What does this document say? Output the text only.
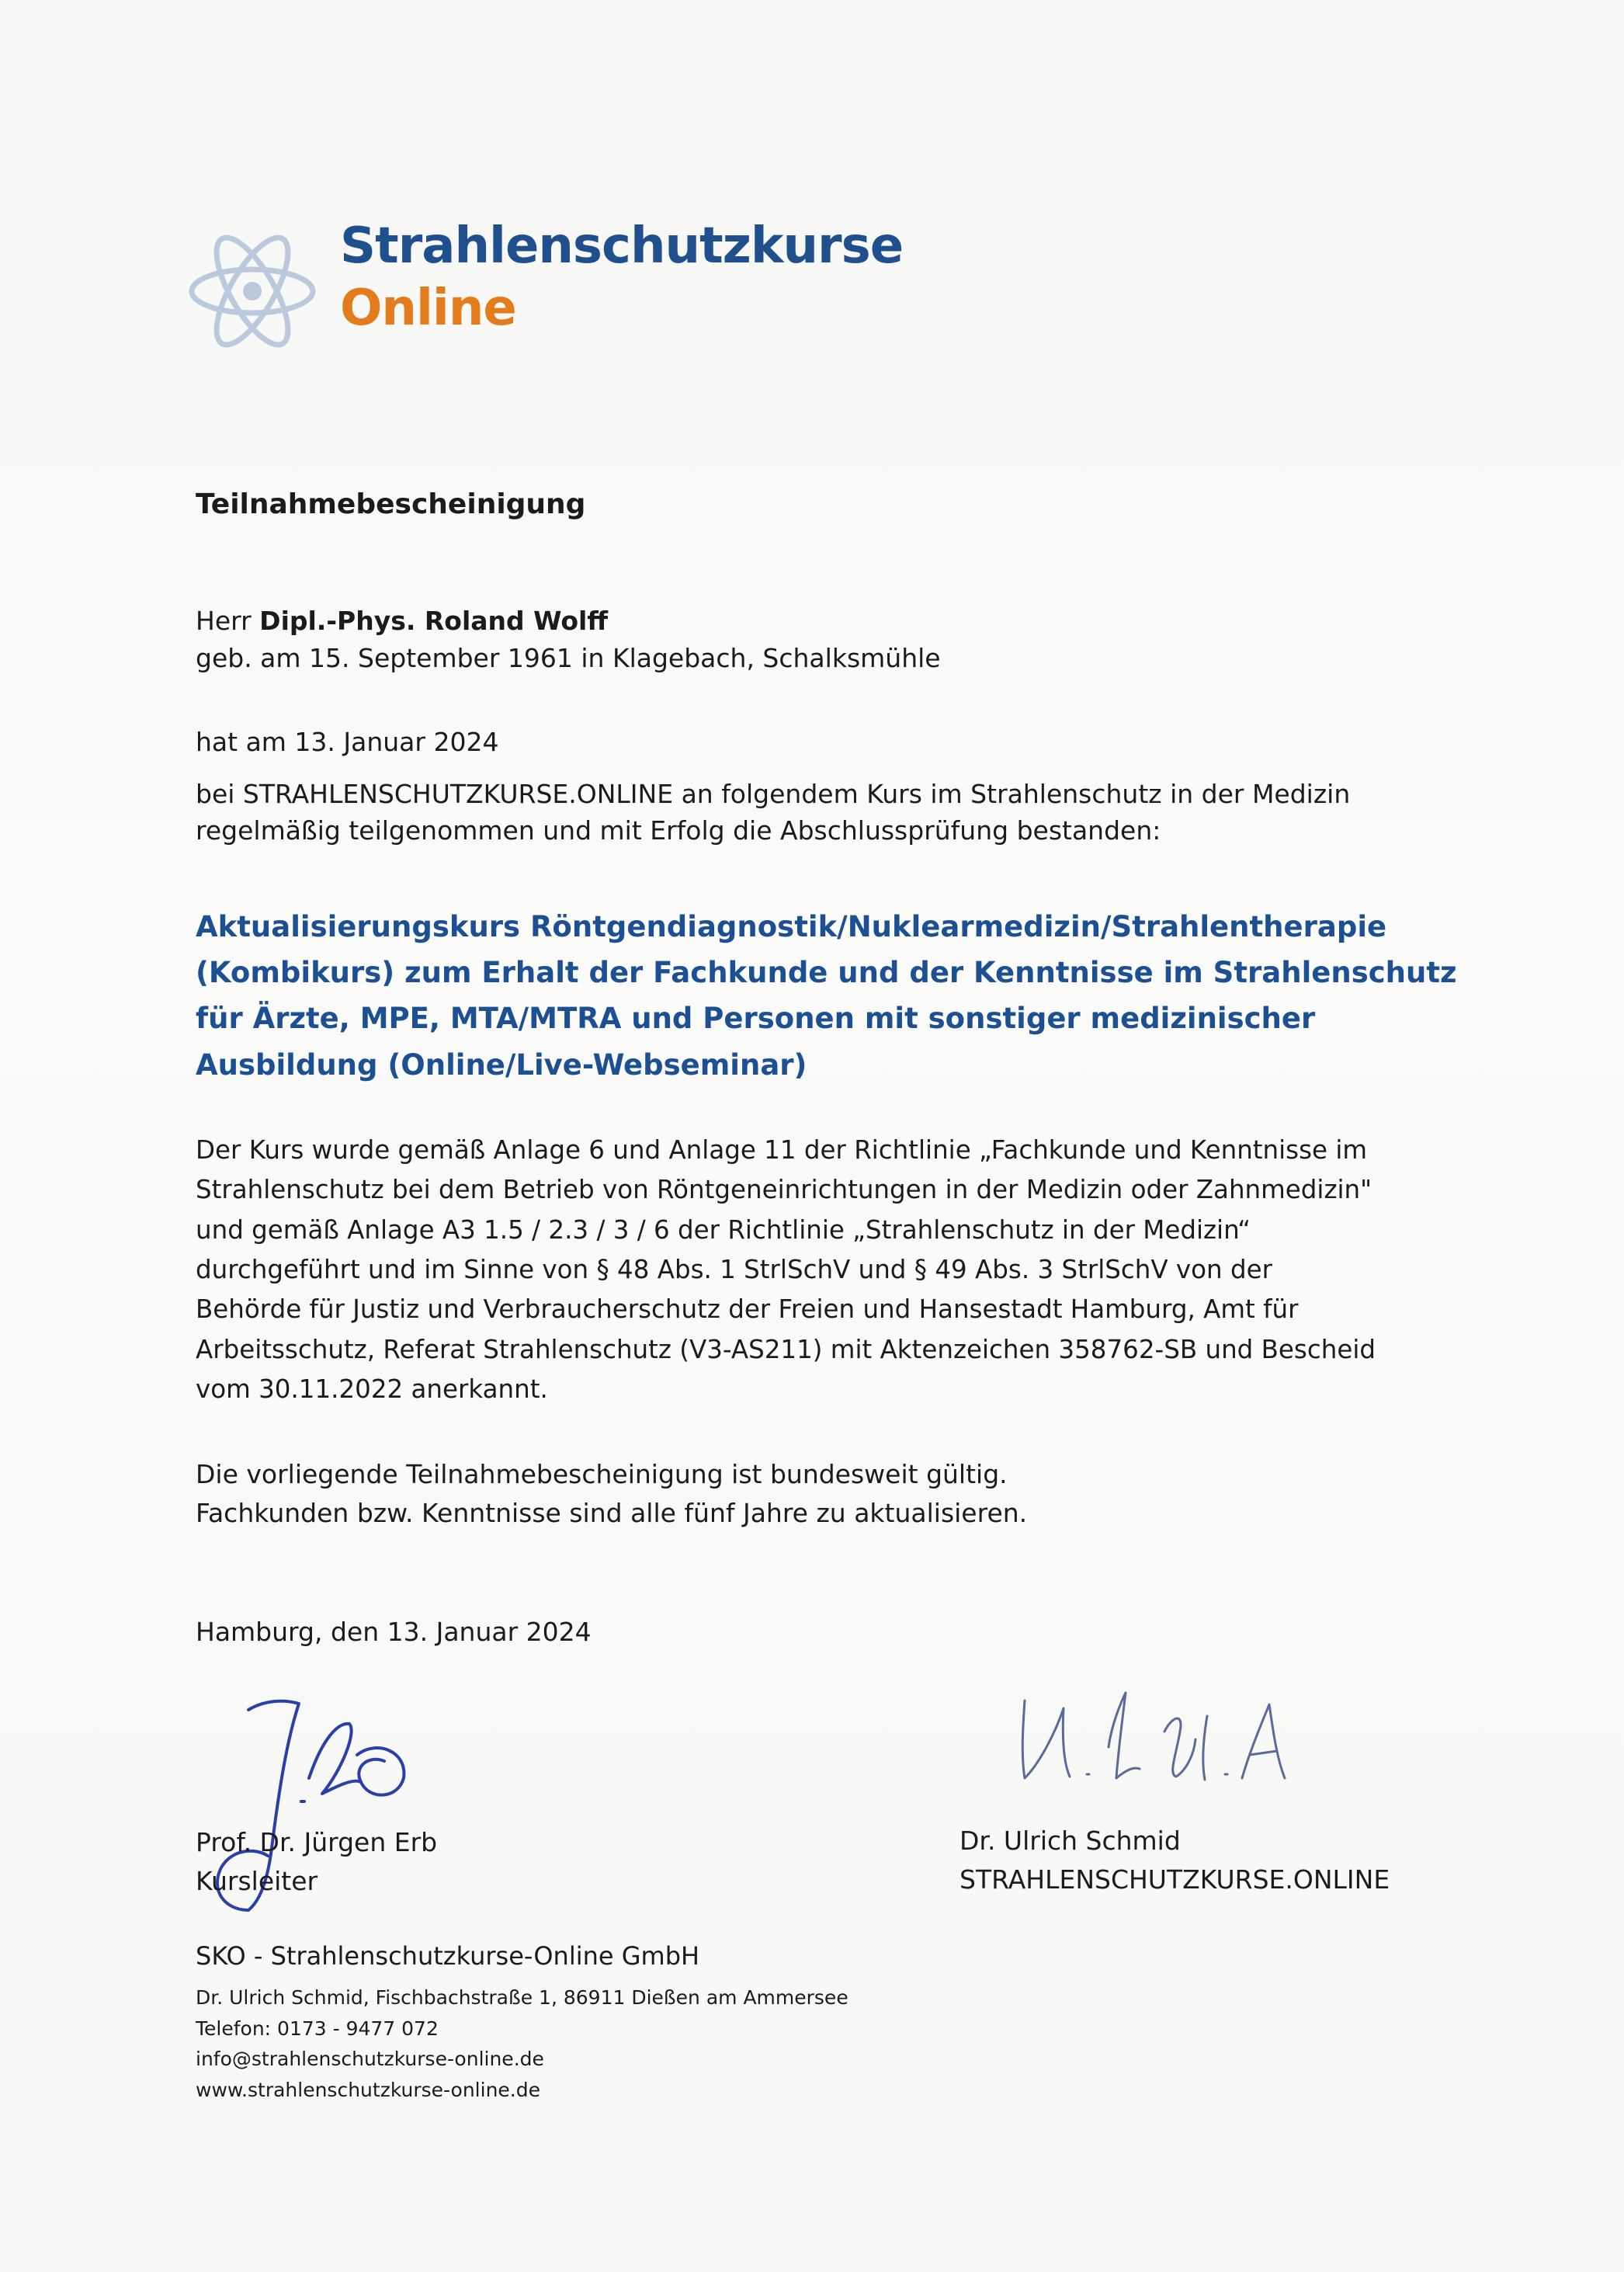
Strahlenschutzkurse
Online
Teilnahmebescheinigung
Herr Dipl.-Phys. Roland Wolff
geb. am 15. September 1961 in Klagebach, Schalksmühle
hat am 13. Januar 2024
bei STRAHLENSCHUTZKURSE.ONLINE an folgendem Kurs im Strahlenschutz in der Medizin
regelmäßig teilgenommen und mit Erfolg die Abschlussprüfung bestanden:
Aktualisierungskurs Röntgendiagnostik/Nuklearmedizin/Strahlentherapie
(Kombikurs) zum Erhalt der Fachkunde und der Kenntnisse im Strahlenschutz
für Ärzte, MPE, MTA/MTRA und Personen mit sonstiger medizinischer
Ausbildung (Online/Live-Webseminar)
Der Kurs wurde gemäß Anlage 6 und Anlage 11 der Richtlinie „Fachkunde und Kenntnisse im
Strahlenschutz bei dem Betrieb von Röntgeneinrichtungen in der Medizin oder Zahnmedizin"
und gemäß Anlage A3 1.5 / 2.3 / 3 / 6 der Richtlinie „Strahlenschutz in der Medizin“
durchgeführt und im Sinne von § 48 Abs. 1 StrlSchV und § 49 Abs. 3 StrlSchV von der
Behörde für Justiz und Verbraucherschutz der Freien und Hansestadt Hamburg, Amt für
Arbeitsschutz, Referat Strahlenschutz (V3-AS211) mit Aktenzeichen 358762-SB und Bescheid
vom 30.11.2022 anerkannt.
Die vorliegende Teilnahmebescheinigung ist bundesweit gültig.
Fachkunden bzw. Kenntnisse sind alle fünf Jahre zu aktualisieren.
Hamburg, den 13. Januar 2024
Prof. Dr. Jürgen Erb
Kursleiter
Dr. Ulrich Schmid
STRAHLENSCHUTZKURSE.ONLINE
SKO - Strahlenschutzkurse-Online GmbH
Dr. Ulrich Schmid, Fischbachstraße 1, 86911 Dießen am Ammersee
Telefon: 0173 - 9477 072
info@strahlenschutzkurse-online.de
www.strahlenschutzkurse-online.de
